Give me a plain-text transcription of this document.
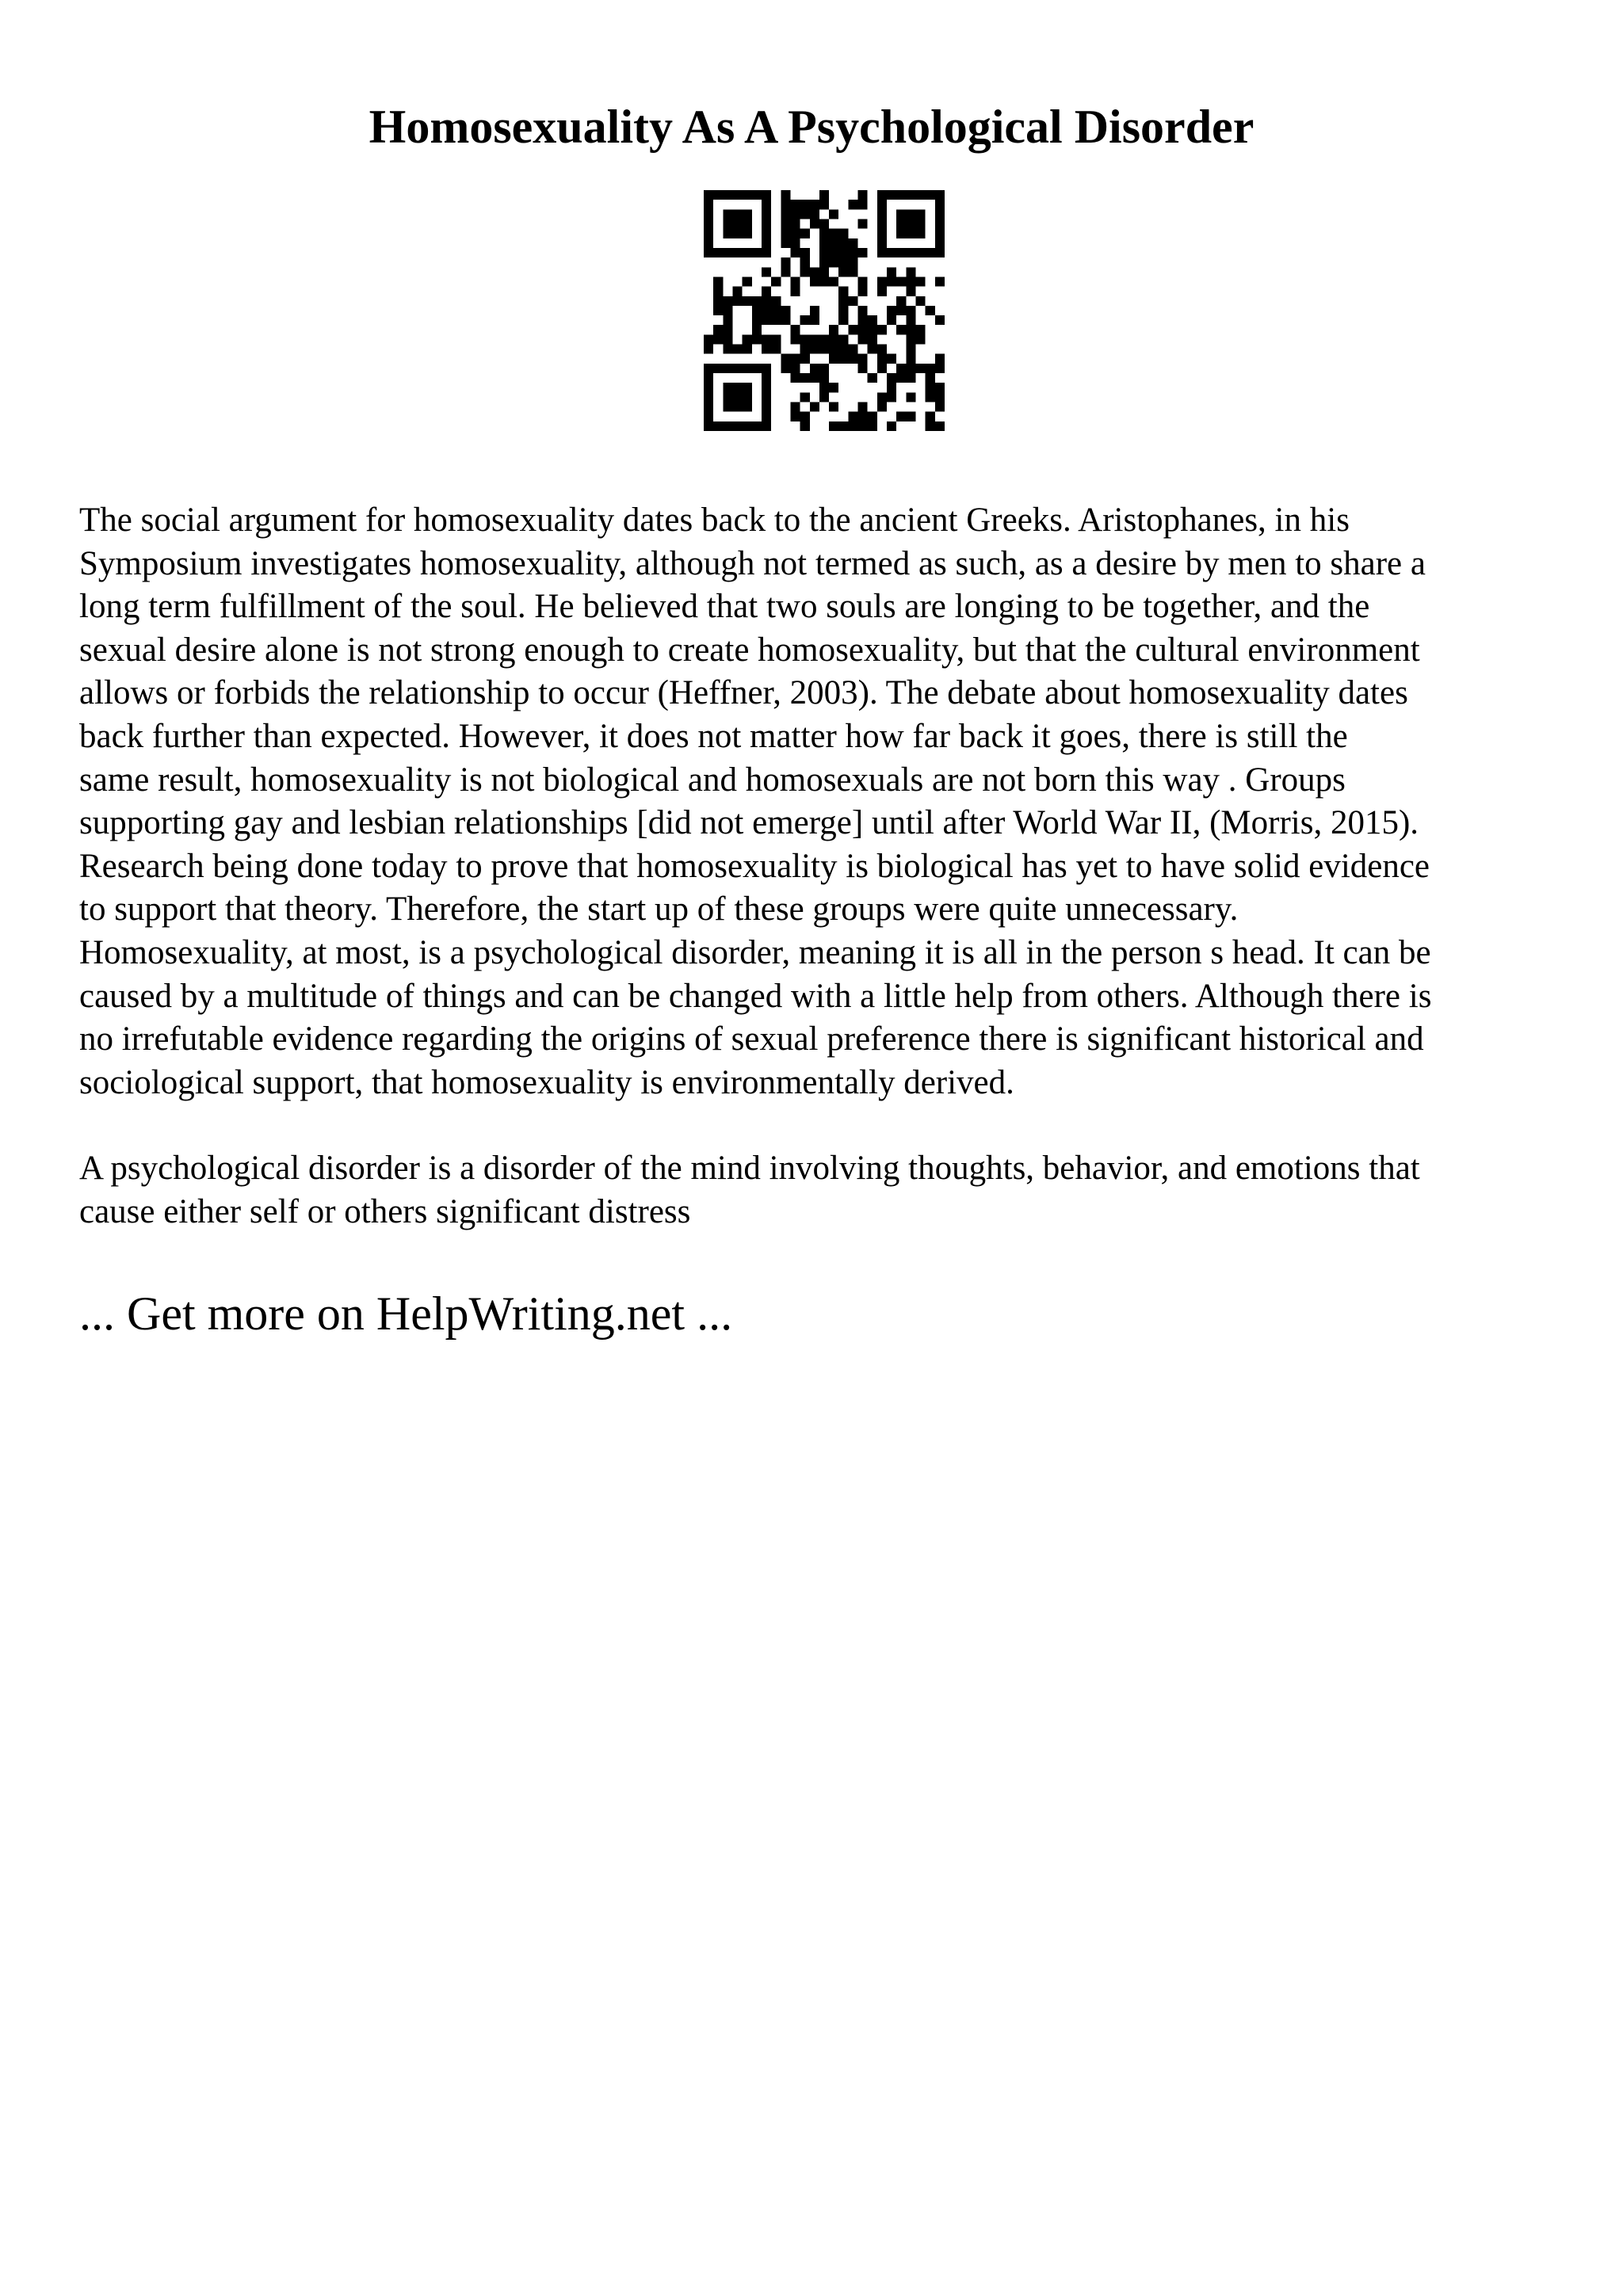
Homosexuality As A Psychological Disorder
The social argument for homosexuality dates back to the ancient Greeks. Aristophanes, in his
Symposium investigates homosexuality, although not termed as such, as a desire by men to share a
long term fulfillment of the soul. He believed that two souls are longing to be together, and the
sexual desire alone is not strong enough to create homosexuality, but that the cultural environment
allows or forbids the relationship to occur (Heffner, 2003). The debate about homosexuality dates
back further than expected. However, it does not matter how far back it goes, there is still the
same result, homosexuality is not biological and homosexuals are not born this way . Groups
supporting gay and lesbian relationships [did not emerge] until after World War II, (Morris, 2015).
Research being done today to prove that homosexuality is biological has yet to have solid evidence
to support that theory. Therefore, the start up of these groups were quite unnecessary.
Homosexuality, at most, is a psychological disorder, meaning it is all in the person s head. It can be
caused by a multitude of things and can be changed with a little help from others. Although there is
no irrefutable evidence regarding the origins of sexual preference there is significant historical and
sociological support, that homosexuality is environmentally derived.
A psychological disorder is a disorder of the mind involving thoughts, behavior, and emotions that
cause either self or others significant distress
... Get more on HelpWriting.net ...
